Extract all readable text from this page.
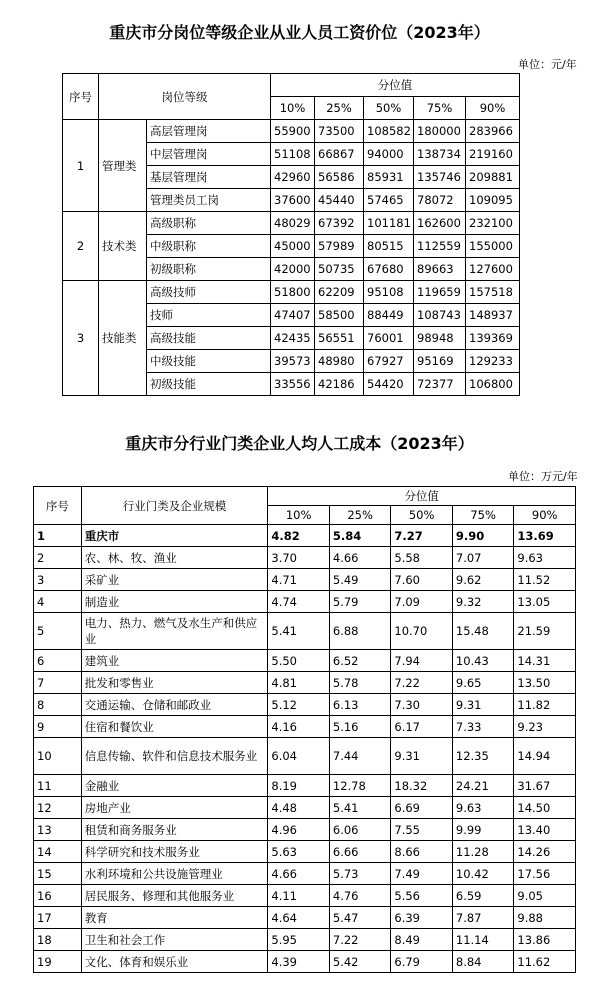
重庆市分岗位等级企业从业人员工资价位（2023年）
单位：元/年
序号	岗位等级		分位值				
			10%	25%	50%	75%	90%
1	管理类	高层管理岗	55900	73500	108582	180000	283966
		中层管理岗	51108	66867	94000	138734	219160
		基层管理岗	42960	56586	85931	135746	209881
		管理类员工岗	37600	45440	57465	78072	109095
2	技术类	高级职称	48029	67392	101181	162600	232100
		中级职称	45000	57989	80515	112559	155000
		初级职称	42000	50735	67680	89663	127600
3	技能类	高级技师	51800	62209	95108	119659	157518
		技师	47407	58500	88449	108743	148937
		高级技能	42435	56551	76001	98948	139369
		中级技能	39573	48980	67927	95169	129233
		初级技能	33556	42186	54420	72377	106800
重庆市分行业门类企业人均人工成本（2023年）
单位：万元/年
序号	行业门类及企业规模	分位值				
		10%	25%	50%	75%	90%
1	重庆市	4.82	5.84	7.27	9.90	13.69
2	农、林、牧、渔业	3.70	4.66	5.58	7.07	9.63
3	采矿业	4.71	5.49	7.60	9.62	11.52
4	制造业	4.74	5.79	7.09	9.32	13.05
5	电力、热力、燃气及水生产和供应业	5.41	6.88	10.70	15.48	21.59
6	建筑业	5.50	6.52	7.94	10.43	14.31
7	批发和零售业	4.81	5.78	7.22	9.65	13.50
8	交通运输、仓储和邮政业	5.12	6.13	7.30	9.31	11.82
9	住宿和餐饮业	4.16	5.16	6.17	7.33	9.23
10	信息传输、软件和信息技术服务业	6.04	7.44	9.31	12.35	14.94
11	金融业	8.19	12.78	18.32	24.21	31.67
12	房地产业	4.48	5.41	6.69	9.63	14.50
13	租赁和商务服务业	4.96	6.06	7.55	9.99	13.40
14	科学研究和技术服务业	5.63	6.66	8.66	11.28	14.26
15	水利环境和公共设施管理业	4.66	5.73	7.49	10.42	17.56
16	居民服务、修理和其他服务业	4.11	4.76	5.56	6.59	9.05
17	教育	4.64	5.47	6.39	7.87	9.88
18	卫生和社会工作	5.95	7.22	8.49	11.14	13.86
19	文化、体育和娱乐业	4.39	5.42	6.79	8.84	11.62
